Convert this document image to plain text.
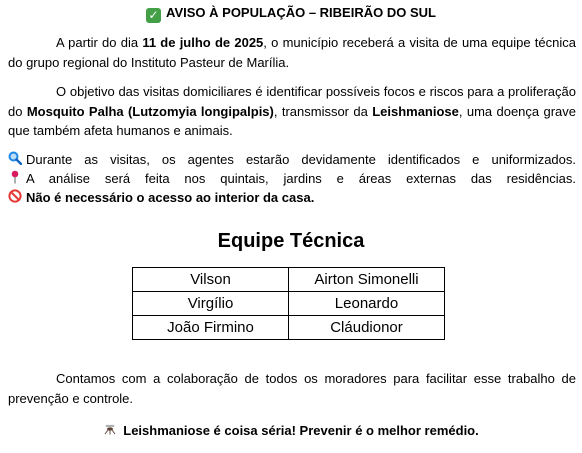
✓ AVISO À POPULAÇÃO – RIBEIRÃO DO SUL
A partir do dia 11 de julho de 2025, o município receberá a visita de uma equipe técnica do grupo regional do Instituto Pasteur de Marília.
O objetivo das visitas domiciliares é identificar possíveis focos e riscos para a proliferação do Mosquito Palha (Lutzomyia longipalpis), transmissor da Leishmaniose, uma doença grave que também afeta humanos e animais.
Durante as visitas, os agentes estarão devidamente identificados e uniformizados.
A análise será feita nos quintais, jardins e áreas externas das residências.
Não é necessário o acesso ao interior da casa.
Equipe Técnica
Vilson	Airton Simonelli
Virgílio	Leonardo
João Firmino	Cláudionor
Contamos com a colaboração de todos os moradores para facilitar esse trabalho de prevenção e controle.
Leishmaniose é coisa séria! Prevenir é o melhor remédio.
